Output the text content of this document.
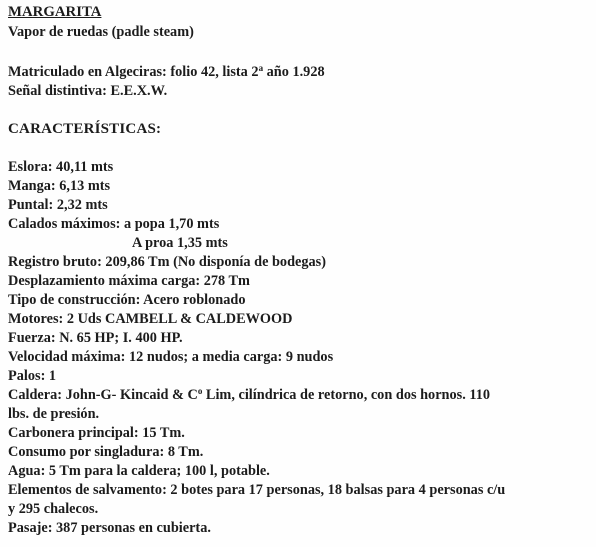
MARGARITA
Vapor de ruedas (padle steam)
Matriculado en Algeciras: folio 42, lista 2$^a$ año 1.928
Señal distintiva: E.E.X.W.
CARACTERÍSTICAS:
Eslora: 40,11 mts
Manga: 6,13 mts
Puntal: 2,32 mts
Calados máximos: a popa 1,70 mts
A proa 1,35 mts
Registro bruto: 209,86 Tm (No disponía de bodegas)
Desplazamiento máxima carga: 278 Tm
Tipo de construcción: Acero roblonado
Motores: 2 Uds CAMBELL & CALDEWOOD
Fuerza: N. 65 HP; I. 400 HP.
Velocidad máxima: 12 nudos; a media carga: 9 nudos
Palos: 1
Caldera: John-G- Kincaid & $C^o$ Lim, cilíndrica de retorno, con dos hornos. 110
lbs. de presión.
Carbonera principal: 15 Tm.
Consumo por singladura: 8 Tm.
Agua: 5 Tm para la caldera; 100 l, potable.
Elementos de salvamento: 2 botes para 17 personas, 18 balsas para 4 personas c/u
y 295 chalecos.
Pasaje: 387 personas en cubierta.
